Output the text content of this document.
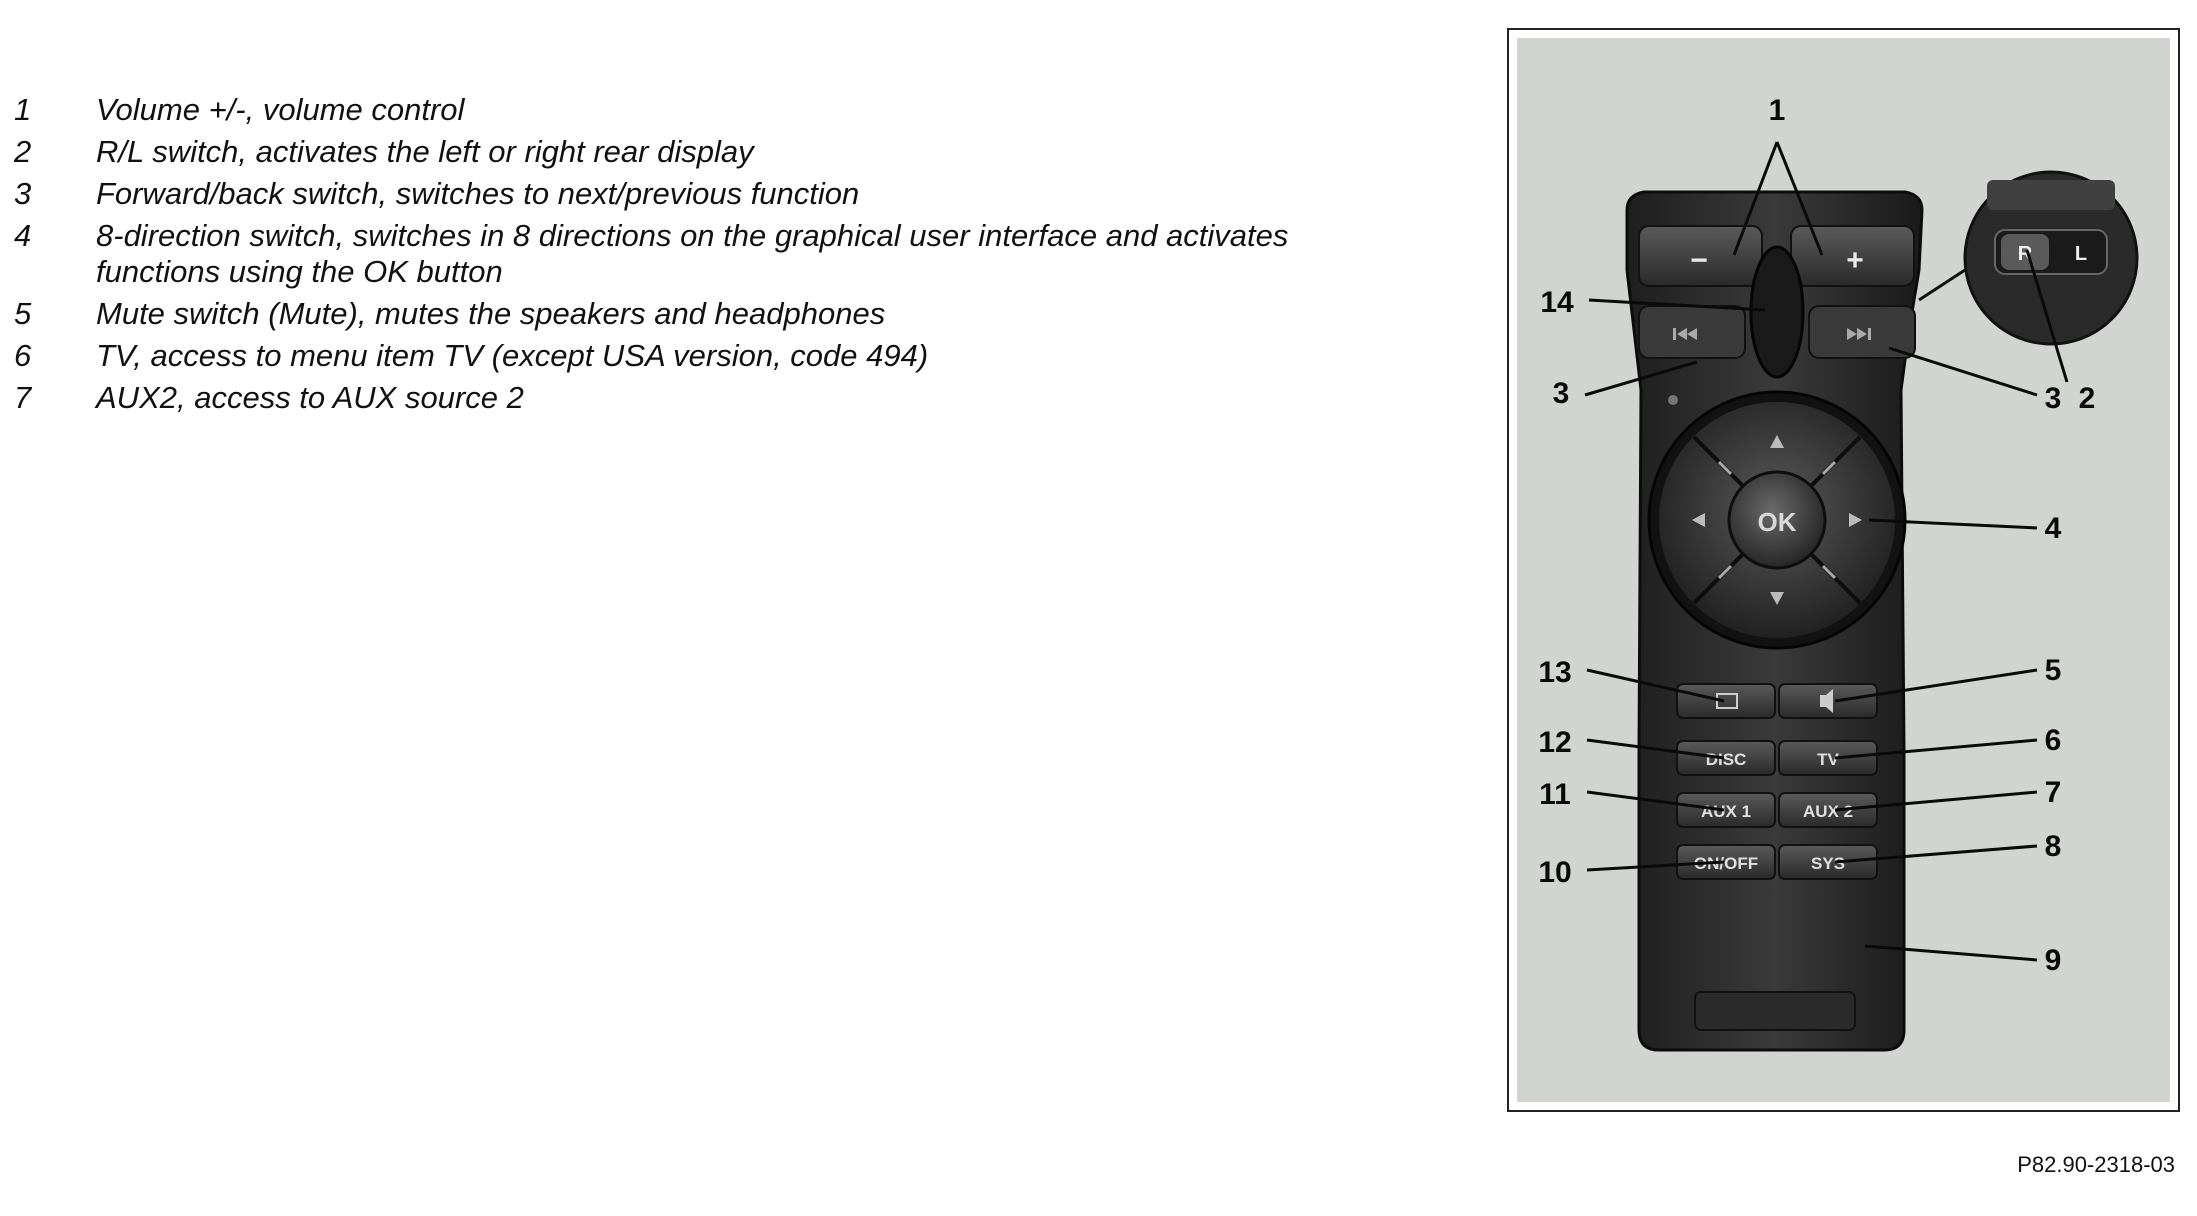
1	Volume +/-, volume control
2	R/L switch, activates the left or right rear display
3	Forward/back switch, switches to next/previous function
4	8-direction switch, switches in 8 directions on the graphical user interface and activates functions using the OK button
5	Mute switch (Mute), mutes the speakers and headphones
6	TV, access to menu item TV (except USA version, code 494)
7	AUX2, access to AUX source 2
−	+
OK
DISC	TV
AUX 1	AUX 2
ON/OFF	SYS
R L
1
2
3	3
4
5
6
7
8
9
10
11
12
13
14
P82.90-2318-03
